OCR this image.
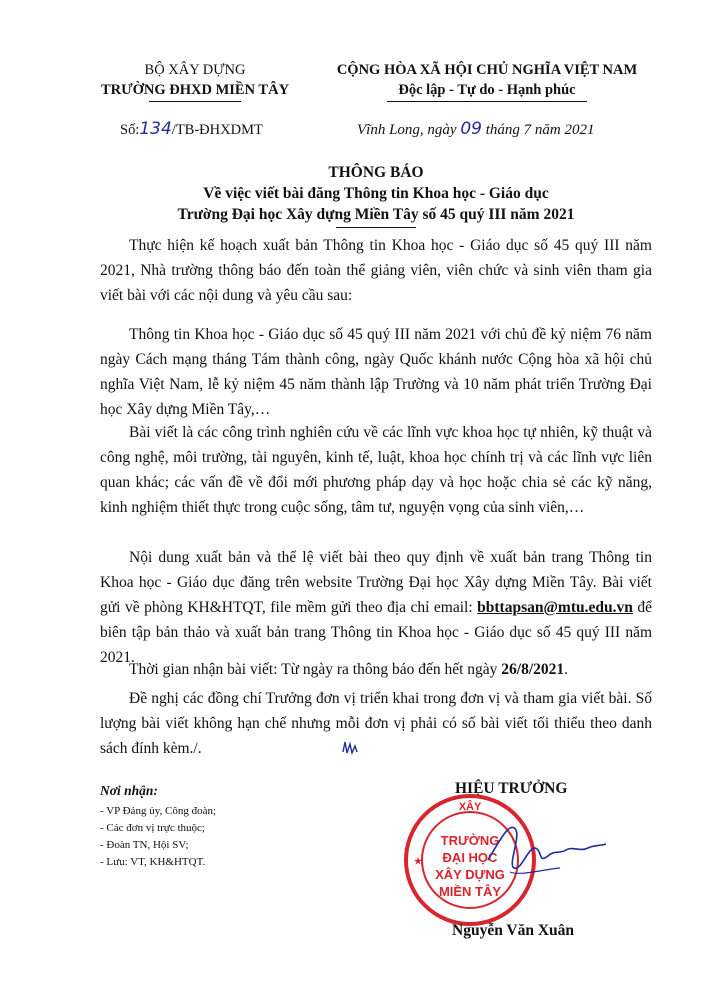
BỘ XÂY DỰNG
TRƯỜNG ĐHXD MIỀN TÂY
CỘNG HÒA XÃ HỘI CHỦ NGHĨA VIỆT NAM
Độc lập - Tự do - Hạnh phúc
Số:134/TB-ĐHXDMT	Vĩnh Long, ngày 09 tháng 7 năm 2021
THÔNG BÁO
Về việc viết bài đăng Thông tin Khoa học - Giáo dục
Trường Đại học Xây dựng Miền Tây số 45 quý III năm 2021
Thực hiện kế hoạch xuất bản Thông tin Khoa học - Giáo dục số 45 quý III năm 2021, Nhà trường thông báo đến toàn thể giảng viên, viên chức và sinh viên tham gia viết bài với các nội dung và yêu cầu sau:
Thông tin Khoa học - Giáo dục số 45 quý III năm 2021 với chủ đề kỷ niệm 76 năm ngày Cách mạng tháng Tám thành công, ngày Quốc khánh nước Cộng hòa xã hội chủ nghĩa Việt Nam, lễ kỷ niệm 45 năm thành lập Trường và 10 năm phát triển Trường Đại học Xây dựng Miền Tây,…
Bài viết là các công trình nghiên cứu về các lĩnh vực khoa học tự nhiên, kỹ thuật và công nghệ, môi trường, tài nguyên, kinh tế, luật, khoa học chính trị và các lĩnh vực liên quan khác; các vấn đề về đổi mới phương pháp dạy và học hoặc chia sẻ các kỹ năng, kinh nghiệm thiết thực trong cuộc sống, tâm tư, nguyện vọng của sinh viên,…
Nội dung xuất bản và thể lệ viết bài theo quy định về xuất bản trang Thông tin Khoa học - Giáo dục đăng trên website Trường Đại học Xây dựng Miền Tây. Bài viết gửi về phòng KH&HTQT, file mềm gửi theo địa chỉ email: bbttapsan@mtu.edu.vn để biên tập bản thảo và xuất bản trang Thông tin Khoa học - Giáo dục số 45 quý III năm 2021.
Thời gian nhận bài viết: Từ ngày ra thông báo đến hết ngày 26/8/2021.
Đề nghị các đồng chí Trưởng đơn vị triển khai trong đơn vị và tham gia viết bài. Số lượng bài viết không hạn chế nhưng mỗi đơn vị phải có số bài viết tối thiểu theo danh sách đính kèm./.
Nơi nhận:
- VP Đảng ủy, Công đoàn;
- Các đơn vị trực thuộc;
- Đoàn TN, Hội SV;
- Lưu: VT, KH&HTQT.
HIỆU TRƯỞNG
XÂY
TRƯỜNG
ĐẠI HỌC
XÂY DỰNG
MIỀN TÂY
★
Nguyễn Văn Xuân
